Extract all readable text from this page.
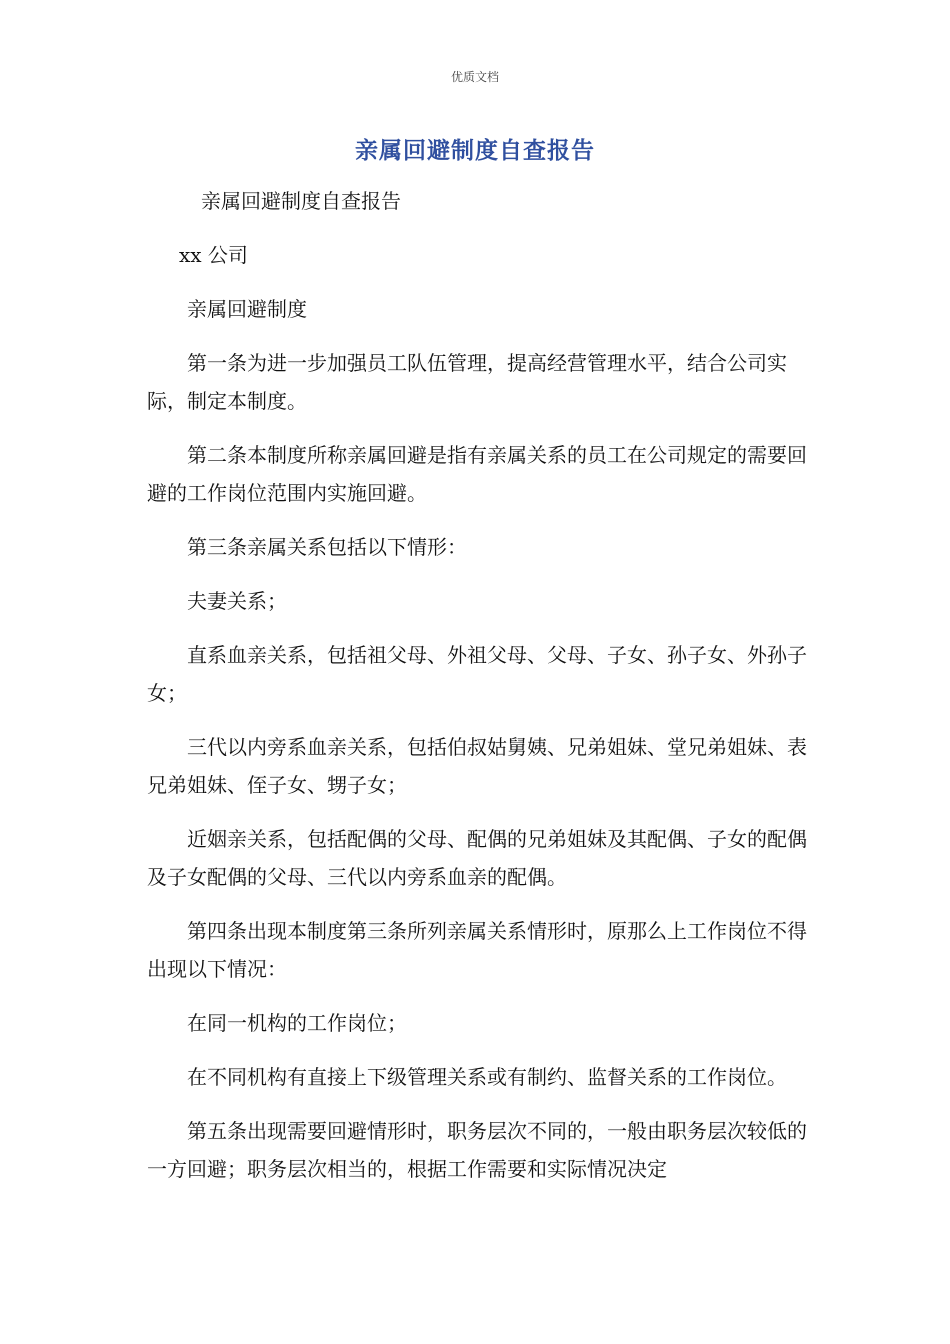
优质文档
亲属回避制度自查报告

亲属回避制度自查报告

xx 公司

亲属回避制度

第一条为进一步加强员工队伍管理，提高经营管理水平，结合公司实际，制定本制度。

第二条本制度所称亲属回避是指有亲属关系的员工在公司规定的需要回避的工作岗位范围内实施回避。

第三条亲属关系包括以下情形：

夫妻关系；

直系血亲关系，包括祖父母、外祖父母、父母、子女、孙子女、外孙子女；

三代以内旁系血亲关系，包括伯叔姑舅姨、兄弟姐妹、堂兄弟姐妹、表兄弟姐妹、侄子女、甥子女；

近姻亲关系，包括配偶的父母、配偶的兄弟姐妹及其配偶、子女的配偶及子女配偶的父母、三代以内旁系血亲的配偶。

第四条出现本制度第三条所列亲属关系情形时，原那么上工作岗位不得出现以下情况：

在同一机构的工作岗位；

在不同机构有直接上下级管理关系或有制约、监督关系的工作岗位。

第五条出现需要回避情形时，职务层次不同的，一般由职务层次较低的一方回避；职务层次相当的，根据工作需要和实际情况决定
